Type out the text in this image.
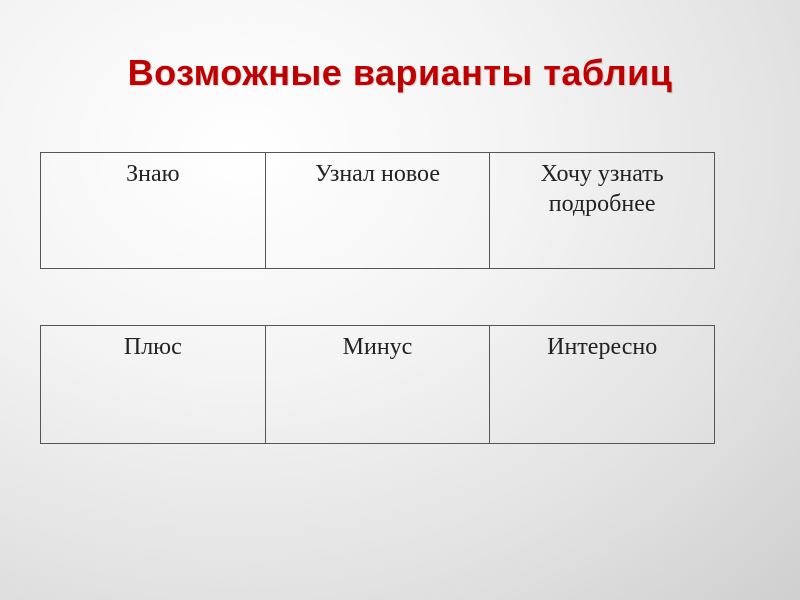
Возможные варианты таблиц
Знаю	Узнал новое	Хочу узнать подробнее
Плюс	Минус	Интересно
